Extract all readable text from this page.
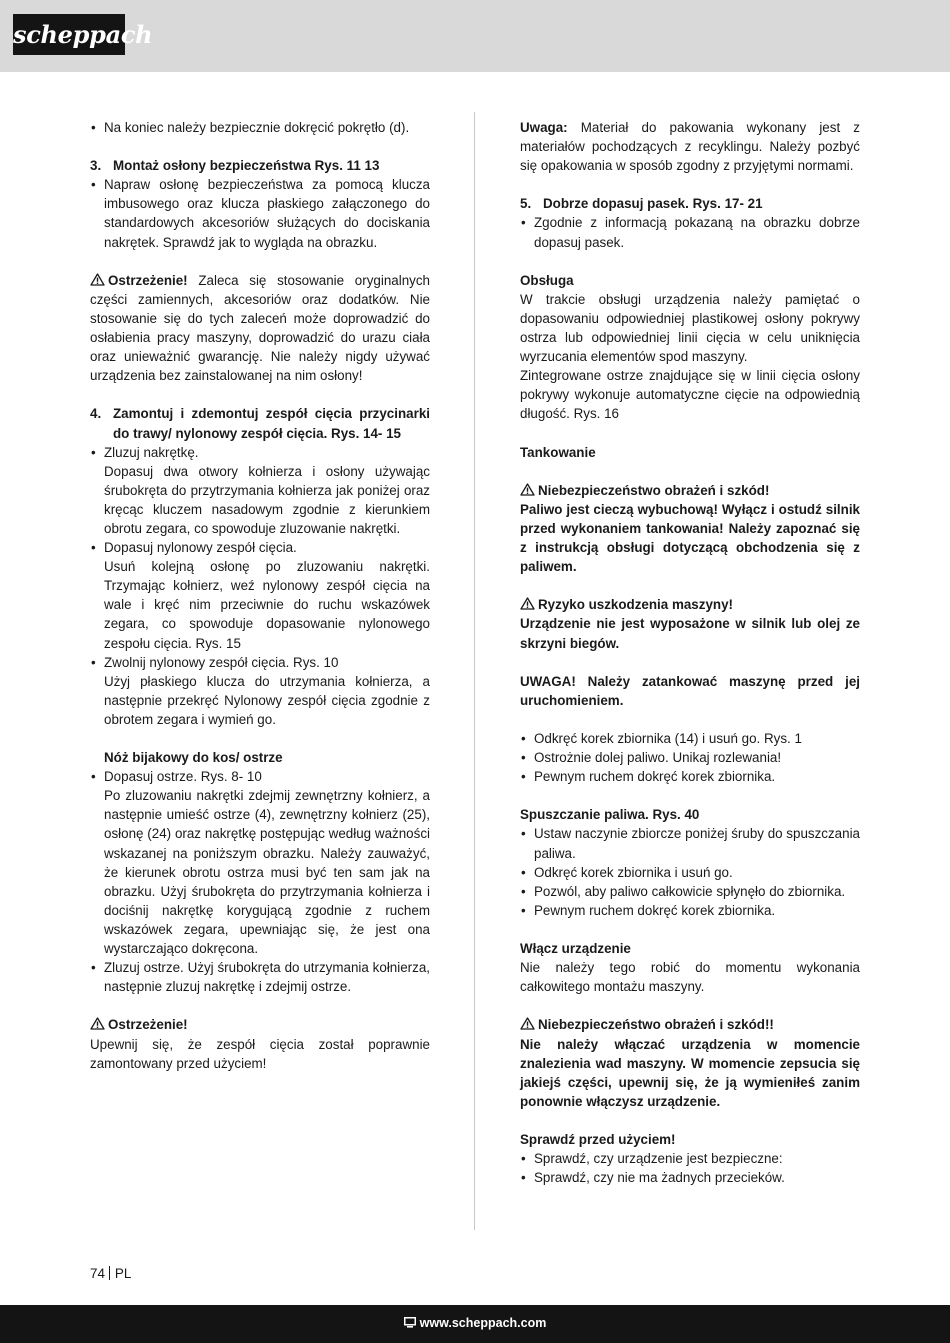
scheppach

• Na koniec należy bezpiecznie dokręcić pokrętło (d).

3. Montaż osłony bezpieczeństwa Rys. 11 13

• Napraw osłonę bezpieczeństwa za pomocą klucza imbusowego oraz klucza płaskiego załączonego do standardowych akcesoriów służących do dociskania nakrętek. Sprawdź jak to wygląda na obrazku.

Ostrzeżenie! Zaleca się stosowanie oryginalnych części zamiennych, akcesoriów oraz dodatków. Nie stosowanie się do tych zaleceń może doprowadzić do osłabienia pracy maszyny, doprowadzić do urazu ciała oraz unieważnić gwarancję. Nie należy nigdy używać urządzenia bez zainstalowanej na nim osłony!

4. Zamontuj i zdemontuj zespół cięcia przycinarki do trawy/ nylonowy zespół cięcia. Rys. 14- 15

• Zluzuj nakrętkę.

Dopasuj dwa otwory kołnierza i osłony używając śrubokręta do przytrzymania kołnierza jak poniżej oraz kręcąc kluczem nasadowym zgodnie z kierunkiem obrotu zegara, co spowoduje zluzowanie nakrętki.

• Dopasuj nylonowy zespół cięcia.

Usuń kolejną osłonę po zluzowaniu nakrętki. Trzymając kołnierz, weź nylonowy zespół cięcia na wale i kręć nim przeciwnie do ruchu wskazówek zegara, co spowoduje dopasowanie nylonowego zespołu cięcia. Rys. 15

• Zwolnij nylonowy zespół cięcia. Rys. 10

Użyj płaskiego klucza do utrzymania kołnierza, a następnie przekręć Nylonowy zespół cięcia zgodnie z obrotem zegara i wymień go.

Nóż bijakowy do kos/ ostrze

• Dopasuj ostrze. Rys. 8- 10

Po zluzowaniu nakrętki zdejmij zewnętrzny kołnierz, a następnie umieść ostrze (4), zewnętrzny kołnierz (25), osłonę (24) oraz nakrętkę postępując według ważności wskazanej na poniższym obrazku. Należy zauważyć, że kierunek obrotu ostrza musi być ten sam jak na obrazku. Użyj śrubokręta do przytrzymania kołnierza i dociśnij nakrętkę korygującą zgodnie z ruchem wskazówek zegara, upewniając się, że jest ona wystarczająco dokręcona.

• Zluzuj ostrze. Użyj śrubokręta do utrzymania kołnierza, następnie zluzuj nakrętkę i zdejmij ostrze.

Ostrzeżenie!

Upewnij się, że zespół cięcia został poprawnie zamontowany przed użyciem!

Uwaga: Materiał do pakowania wykonany jest z materiałów pochodzących z recyklingu. Należy pozbyć się opakowania w sposób zgodny z przyjętymi normami.

5. Dobrze dopasuj pasek. Rys. 17- 21

• Zgodnie z informacją pokazaną na obrazku dobrze dopasuj pasek.

Obsługa

W trakcie obsługi urządzenia należy pamiętać o dopasowaniu odpowiedniej plastikowej osłony pokrywy ostrza lub odpowiedniej linii cięcia w celu uniknięcia wyrzucania elementów spod maszyny.

Zintegrowane ostrze znajdujące się w linii cięcia osłony pokrywy wykonuje automatyczne cięcie na odpowiednią długość. Rys. 16

Tankowanie

Niebezpieczeństwo obrażeń i szkód!

Paliwo jest cieczą wybuchową! Wyłącz i ostudź silnik przed wykonaniem tankowania! Należy zapoznać się z instrukcją obsługi dotyczącą obchodzenia się z paliwem.

Ryzyko uszkodzenia maszyny!

Urządzenie nie jest wyposażone w silnik lub olej ze skrzyni biegów.

UWAGA! Należy zatankować maszynę przed jej uruchomieniem.

• Odkręć korek zbiornika (14) i usuń go. Rys. 1

• Ostrożnie dolej paliwo. Unikaj rozlewania!

• Pewnym ruchem dokręć korek zbiornika.

Spuszczanie paliwa. Rys. 40

• Ustaw naczynie zbiorcze poniżej śruby do spuszczania paliwa.

• Odkręć korek zbiornika i usuń go.

• Pozwól, aby paliwo całkowicie spłynęło do zbiornika.

• Pewnym ruchem dokręć korek zbiornika.

Włącz urządzenie

Nie należy tego robić do momentu wykonania całkowitego montażu maszyny.

Niebezpieczeństwo obrażeń i szkód!!

Nie należy włączać urządzenia w momencie znalezienia wad maszyny. W momencie zepsucia się jakiejś części, upewnij się, że ją wymieniłeś zanim ponownie włączysz urządzenie.

Sprawdź przed użyciem!

• Sprawdź, czy urządzenie jest bezpieczne:

• Sprawdź, czy nie ma żadnych przecieków.

74 PL
www.scheppach.com
